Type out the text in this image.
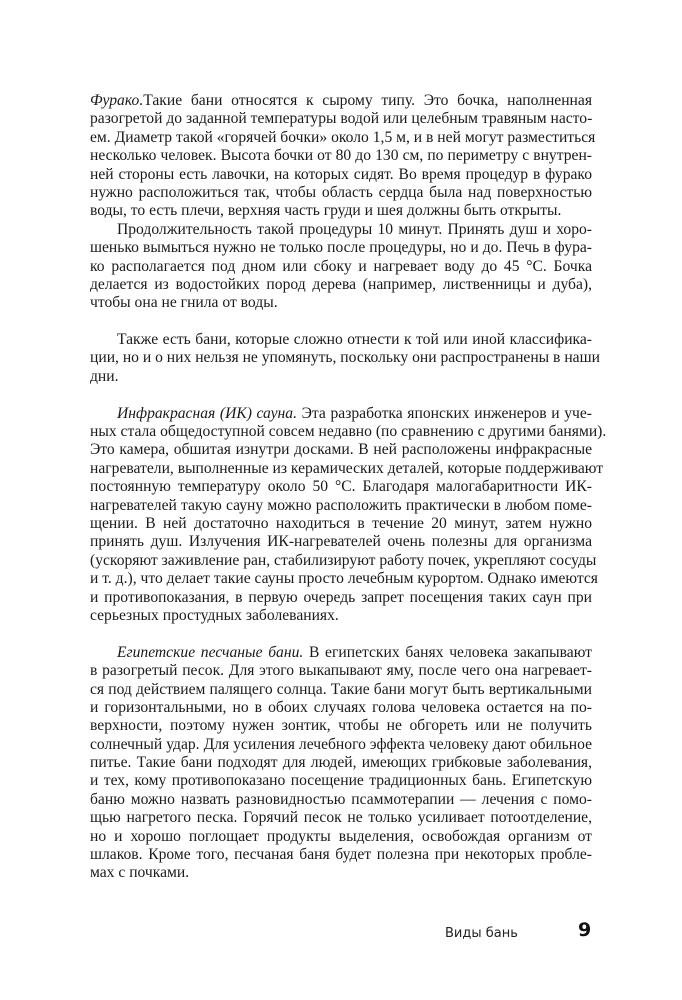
Фурако.Такие бани относятся к сырому типу. Это бочка, наполненная
разогретой до заданной температуры водой или целебным травяным насто-
ем. Диаметр такой «горячей бочки» около 1,5 м, и в ней могут разместиться
несколько человек. Высота бочки от 80 до 130 см, по периметру с внутрен-
ней стороны есть лавочки, на которых сидят. Во время процедур в фурако
нужно расположиться так, чтобы область сердца была над поверхностью
воды, то есть плечи, верхняя часть груди и шея должны быть открыты.
Продолжительность такой процедуры 10 минут. Принять душ и хоро-
шенько вымыться нужно не только после процедуры, но и до. Печь в фура-
ко располагается под дном или сбоку и нагревает воду до 45 °С. Бочка
делается из водостойких пород дерева (например, лиственницы и дуба),
чтобы она не гнила от воды.
Также есть бани, которые сложно отнести к той или иной классифика-
ции, но и о них нельзя не упомянуть, поскольку они распространены в наши
дни.
Инфракрасная (ИК) сауна. Эта разработка японских инженеров и уче-
ных стала общедоступной совсем недавно (по сравнению с другими банями).
Это камера, обшитая изнутри досками. В ней расположены инфракрасные
нагреватели, выполненные из керамических деталей, которые поддерживают
постоянную температуру около 50 °С. Благодаря малогабаритности ИК-
нагревателей такую сауну можно расположить практически в любом поме-
щении. В ней достаточно находиться в течение 20 минут, затем нужно
принять душ. Излучения ИК-нагревателей очень полезны для организма
(ускоряют заживление ран, стабилизируют работу почек, укрепляют сосуды
и т. д.), что делает такие сауны просто лечебным курортом. Однако имеются
и противопоказания, в первую очередь запрет посещения таких саун при
серьезных простудных заболеваниях.
Египетские песчаные бани. В египетских банях человека закапывают
в разогретый песок. Для этого выкапывают яму, после чего она нагревает-
ся под действием палящего солнца. Такие бани могут быть вертикальными
и горизонтальными, но в обоих случаях голова человека остается на по-
верхности, поэтому нужен зонтик, чтобы не обгореть или не получить
солнечный удар. Для усиления лечебного эффекта человеку дают обильное
питье. Такие бани подходят для людей, имеющих грибковые заболевания,
и тех, кому противопоказано посещение традиционных бань. Египетскую
баню можно назвать разновидностью псаммотерапии — лечения с помо-
щью нагретого песка. Горячий песок не только усиливает потоотделение,
но и хорошо поглощает продукты выделения, освобождая организм от
шлаков. Кроме того, песчаная баня будет полезна при некоторых пробле-
мах с почками.
Виды бань	9
